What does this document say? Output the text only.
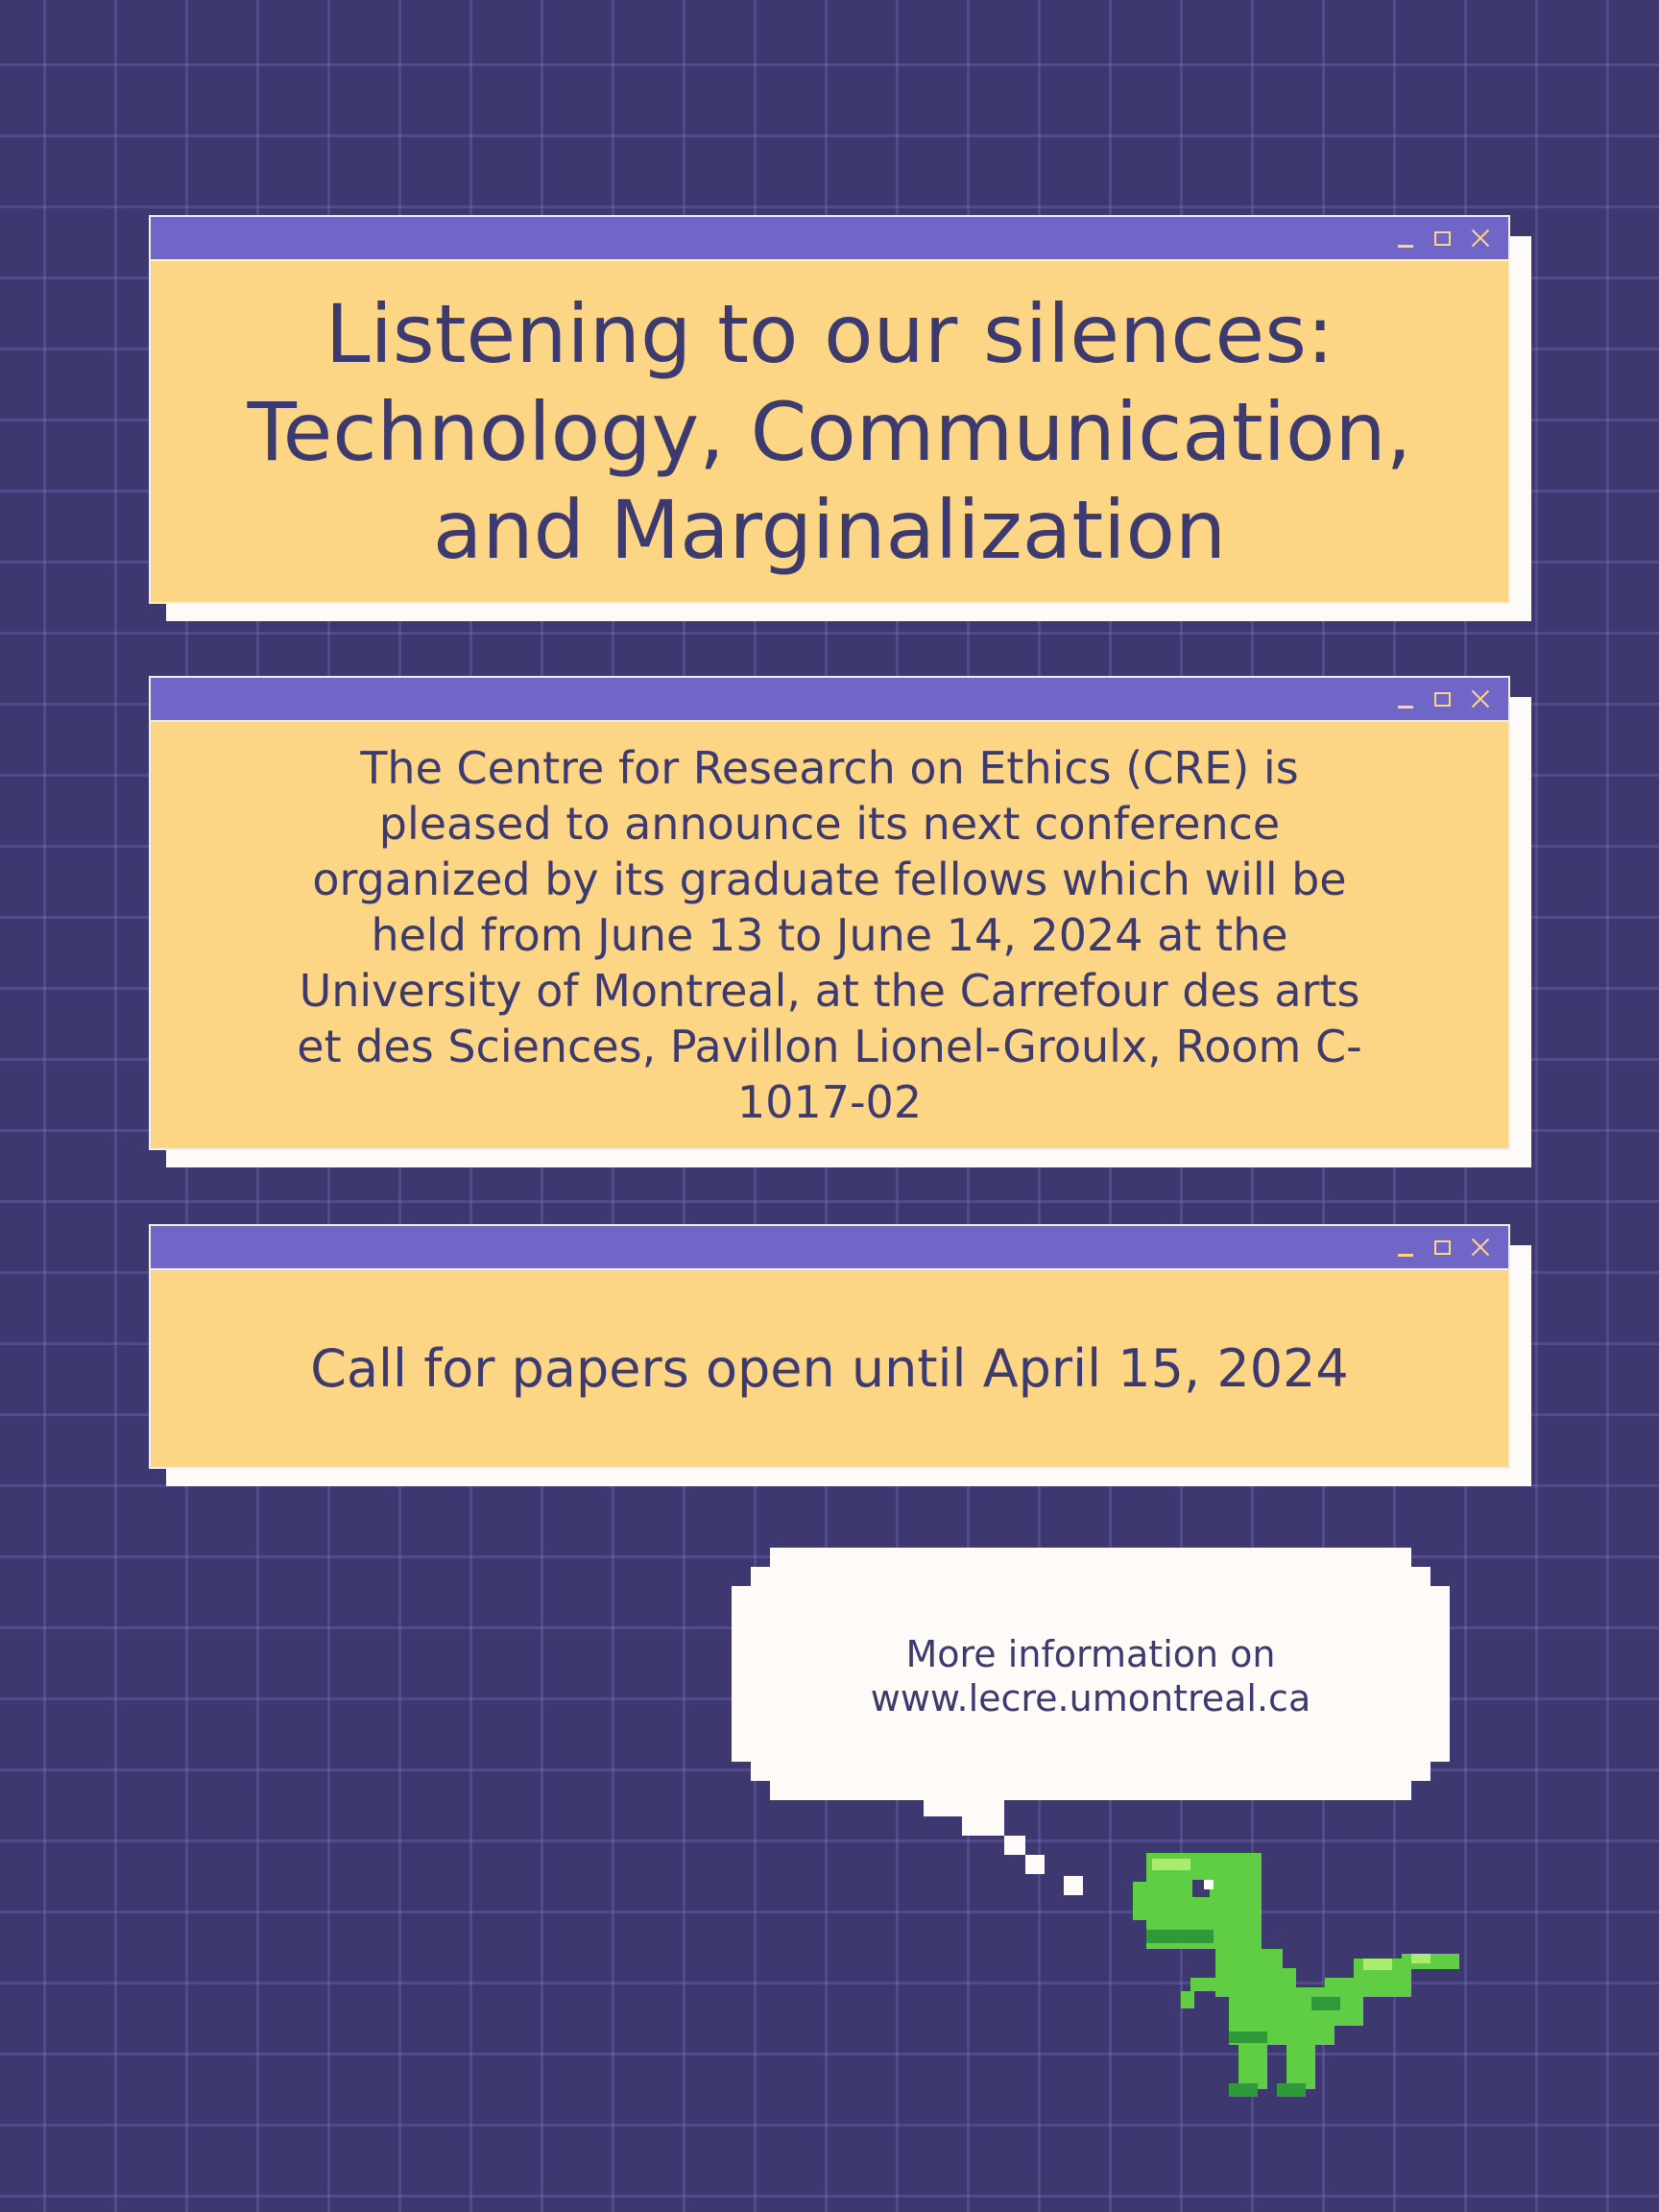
Listening to our silences: Technology, Communication, and Marginalization
The Centre for Research on Ethics (CRE) is pleased to announce its next conference organized by its graduate fellows which will be held from June 13 to June 14, 2024 at the University of Montreal, at the Carrefour des arts et des Sciences, Pavillon Lionel-Groulx, Room C-1017-02
Call for papers open until April 15, 2024
More information on
www.lecre.umontreal.ca
